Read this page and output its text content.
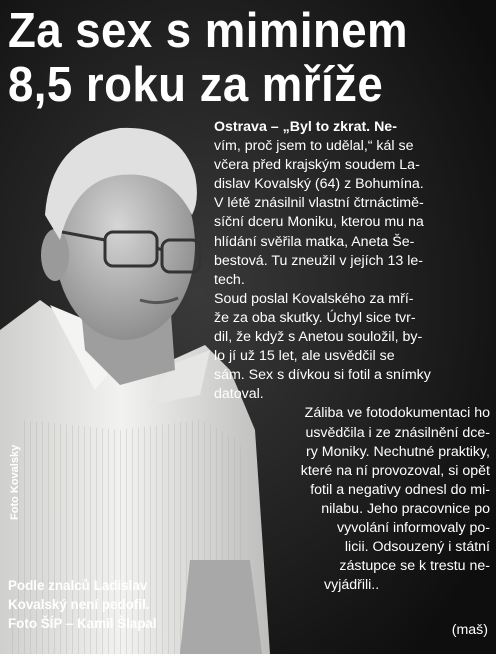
Za sex s miminem
8,5 roku za mříže
Ostrava – „Byl to zkrat. Ne-
vím, proč jsem to udělal,“ kál se
včera před krajským soudem La-
dislav Kovalský (64) z Bohumína.
V létě znásilnil vlastní čtrnáctimě-
síční dceru Moniku, kterou mu na
hlídání svěřila matka, Aneta Še-
bestová. Tu zneužil v jejích 13 le-
tech.
Soud poslal Kovalského za mří-
že za oba skutky. Úchyl sice tvr-
dil, že když s Anetou souložil, by-
lo jí už 15 let, ale usvědčil se
sám. Sex s dívkou si fotil a snímky
datoval.
Záliba ve fotodokumentaci ho
usvědčila i ze znásilnění dce-
ry Moniky. Nechutné praktiky,
které na ní provozoval, si opět
fotil a negativy odnesl do mi-
nilabu. Jeho pracovnice po
vyvolání informovaly po-
licii. Odsouzený i státní
zástupce se k trestu ne-
vyjádřili..
(maš)
Podle znalců Ladislav
Kovalský není pedofil.
Foto ŠÍP – Kamil Šlapal
Foto Kovalsky
